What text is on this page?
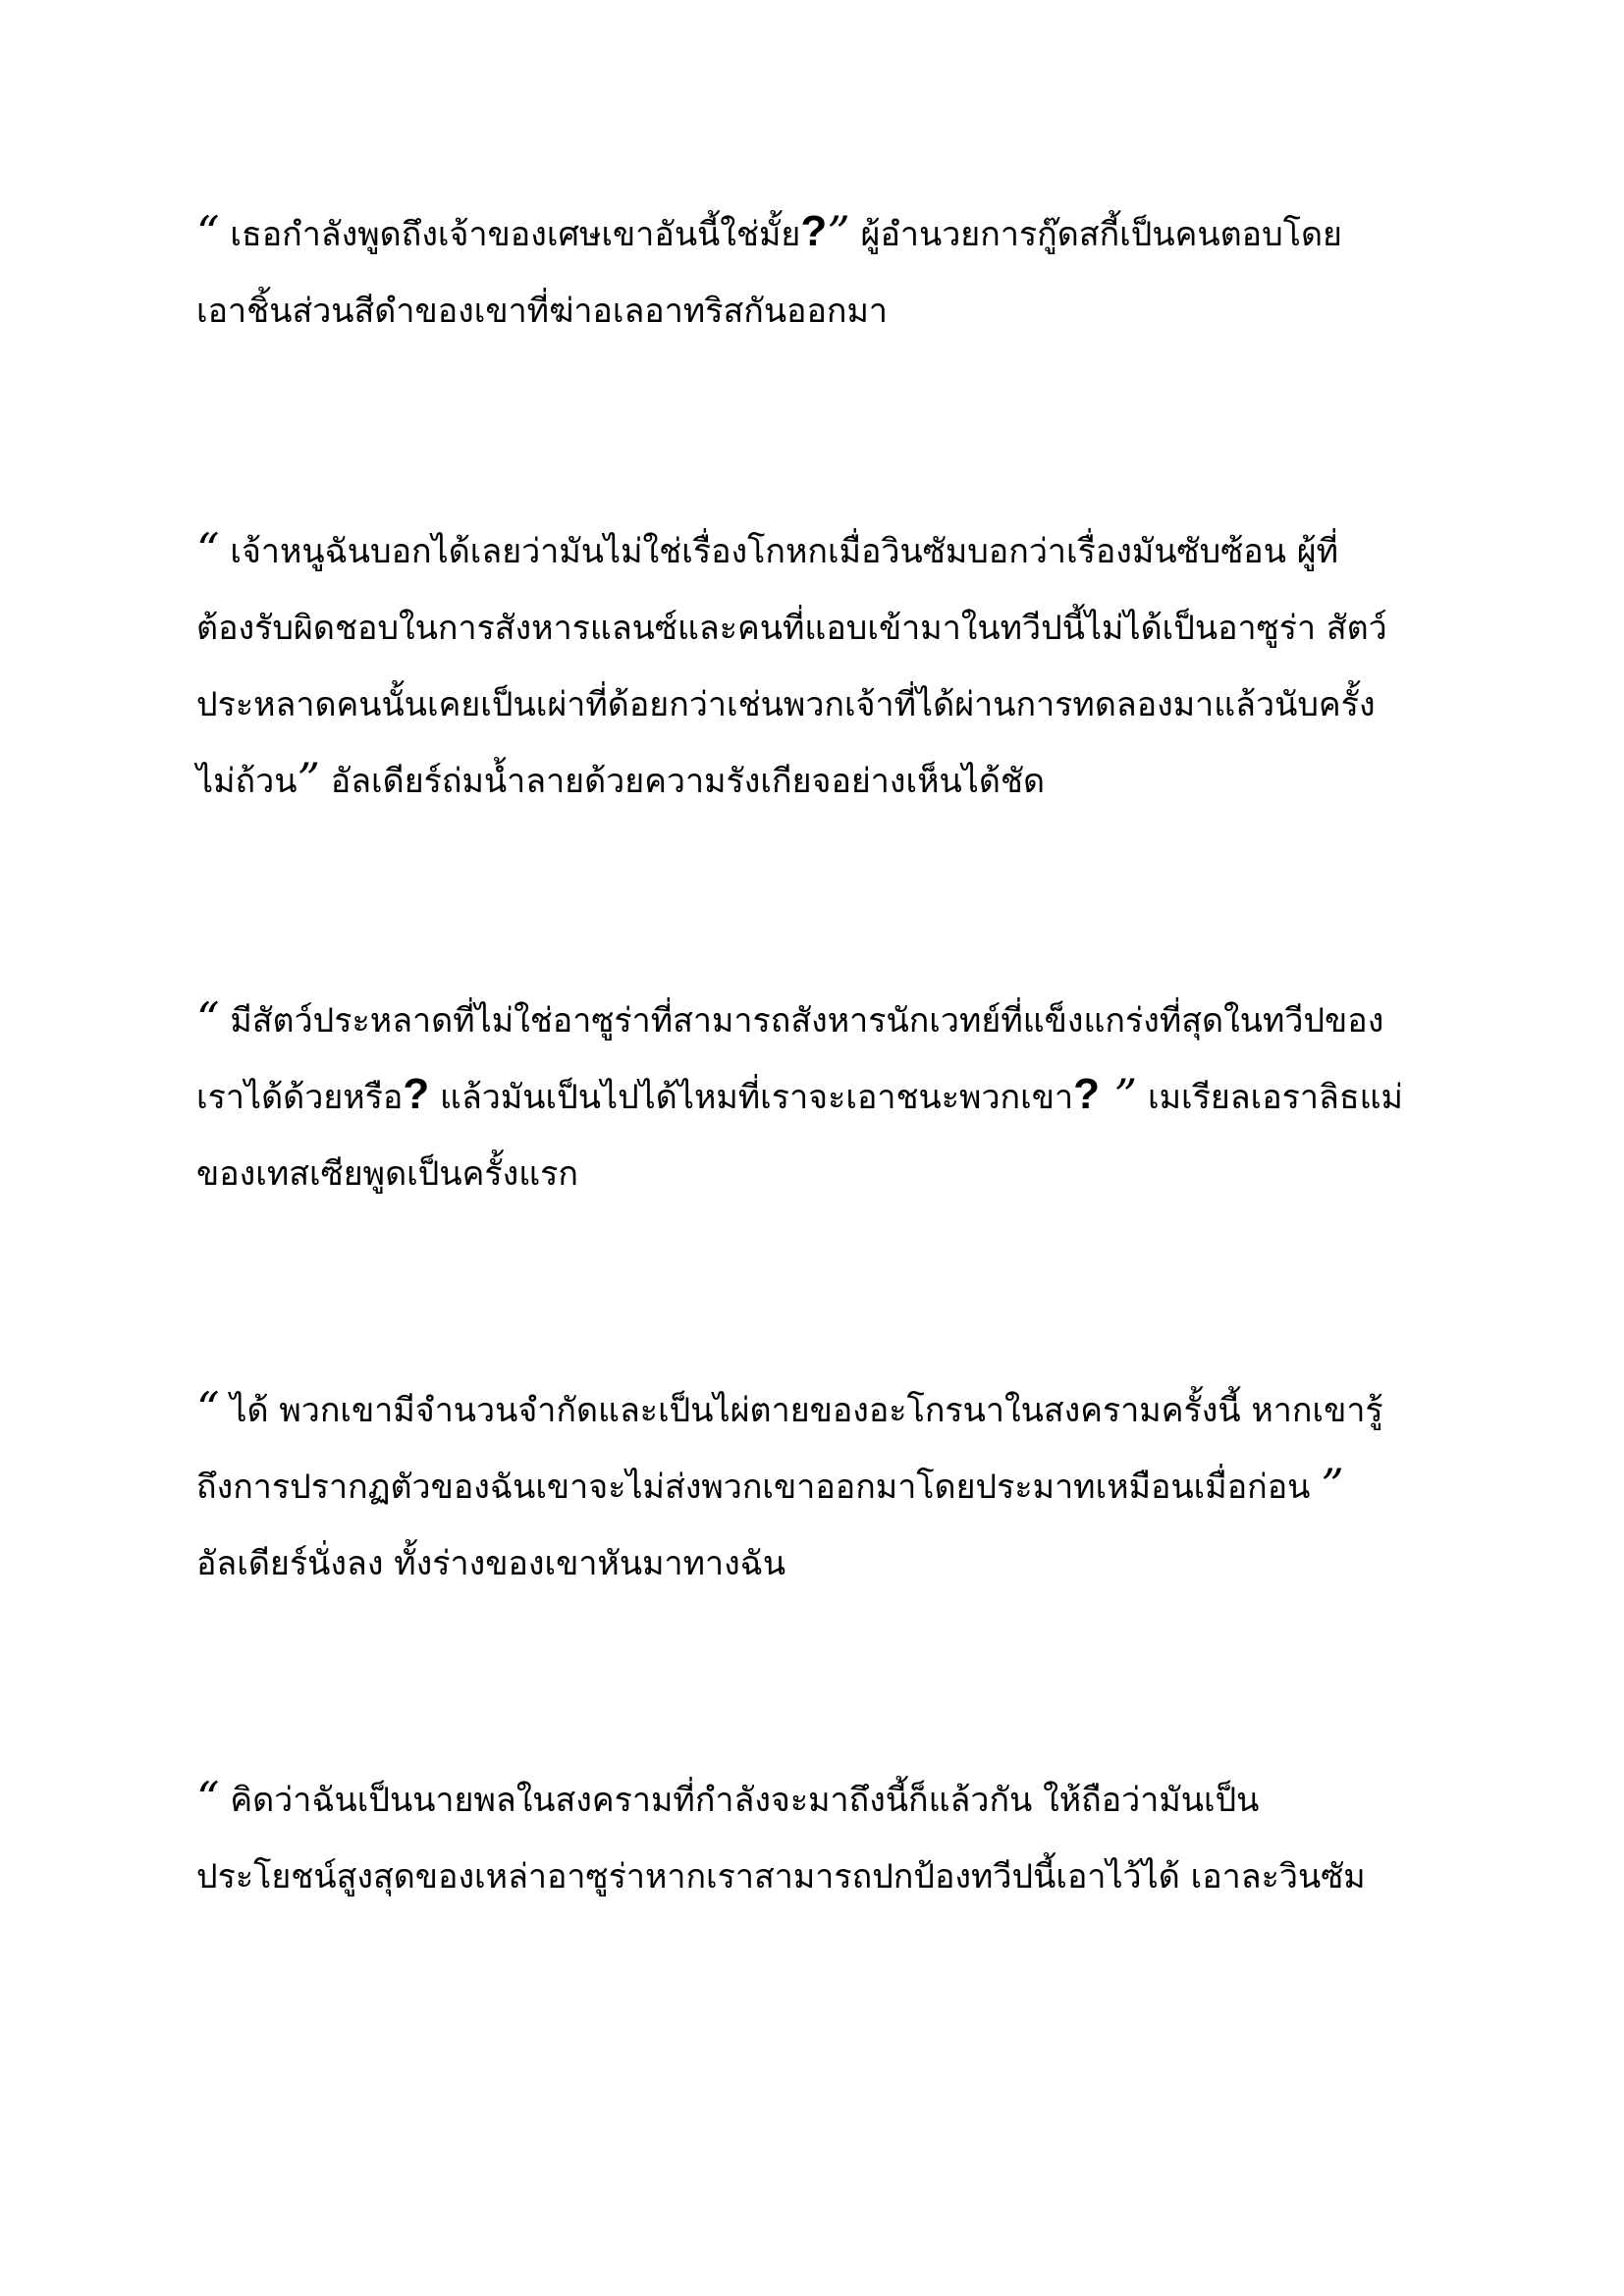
“ เธอกำลังพูดถึงเจ้าของเศษเขาอันนี้ใช่มั้ย?” ผู้อำนวยการกู๊ดสกี้เป็นคนตอบโดย
เอาชิ้นส่วนสีดำของเขาที่ฆ่าอเลอาทริสกันออกมา

“ เจ้าหนูฉันบอกได้เลยว่ามันไม่ใช่เรื่องโกหกเมื่อวินซัมบอกว่าเรื่องมันซับซ้อน ผู้ที่
ต้องรับผิดชอบในการสังหารแลนซ์และคนที่แอบเข้ามาในทวีปนี้ไม่ได้เป็นอาซูร่า สัตว์
ประหลาดคนนั้นเคยเป็นเผ่าที่ด้อยกว่าเช่นพวกเจ้าที่ได้ผ่านการทดลองมาแล้วนับครั้ง
ไม่ถ้วน” อัลเดียร์ถ่มน้ำลายด้วยความรังเกียจอย่างเห็นได้ชัด

“ มีสัตว์ประหลาดที่ไม่ใช่อาซูร่าที่สามารถสังหารนักเวทย์ที่แข็งแกร่งที่สุดในทวีปของ
เราได้ด้วยหรือ? แล้วมันเป็นไปได้ไหมที่เราจะเอาชนะพวกเขา? ” เมเรียลเอราลิธแม่
ของเทสเซียพูดเป็นครั้งแรก

“ ได้ พวกเขามีจำนวนจำกัดและเป็นไผ่ตายของอะโกรนาในสงครามครั้งนี้ หากเขารู้
ถึงการปรากฏตัวของฉันเขาจะไม่ส่งพวกเขาออกมาโดยประมาทเหมือนเมื่อก่อน ”
อัลเดียร์นั่งลง ทั้งร่างของเขาหันมาทางฉัน

“ คิดว่าฉันเป็นนายพลในสงครามที่กำลังจะมาถึงนี้ก็แล้วกัน ให้ถือว่ามันเป็น
ประโยชน์สูงสุดของเหล่าอาซูร่าหากเราสามารถปกป้องทวีปนี้เอาไว้ได้ เอาละวินซัม
